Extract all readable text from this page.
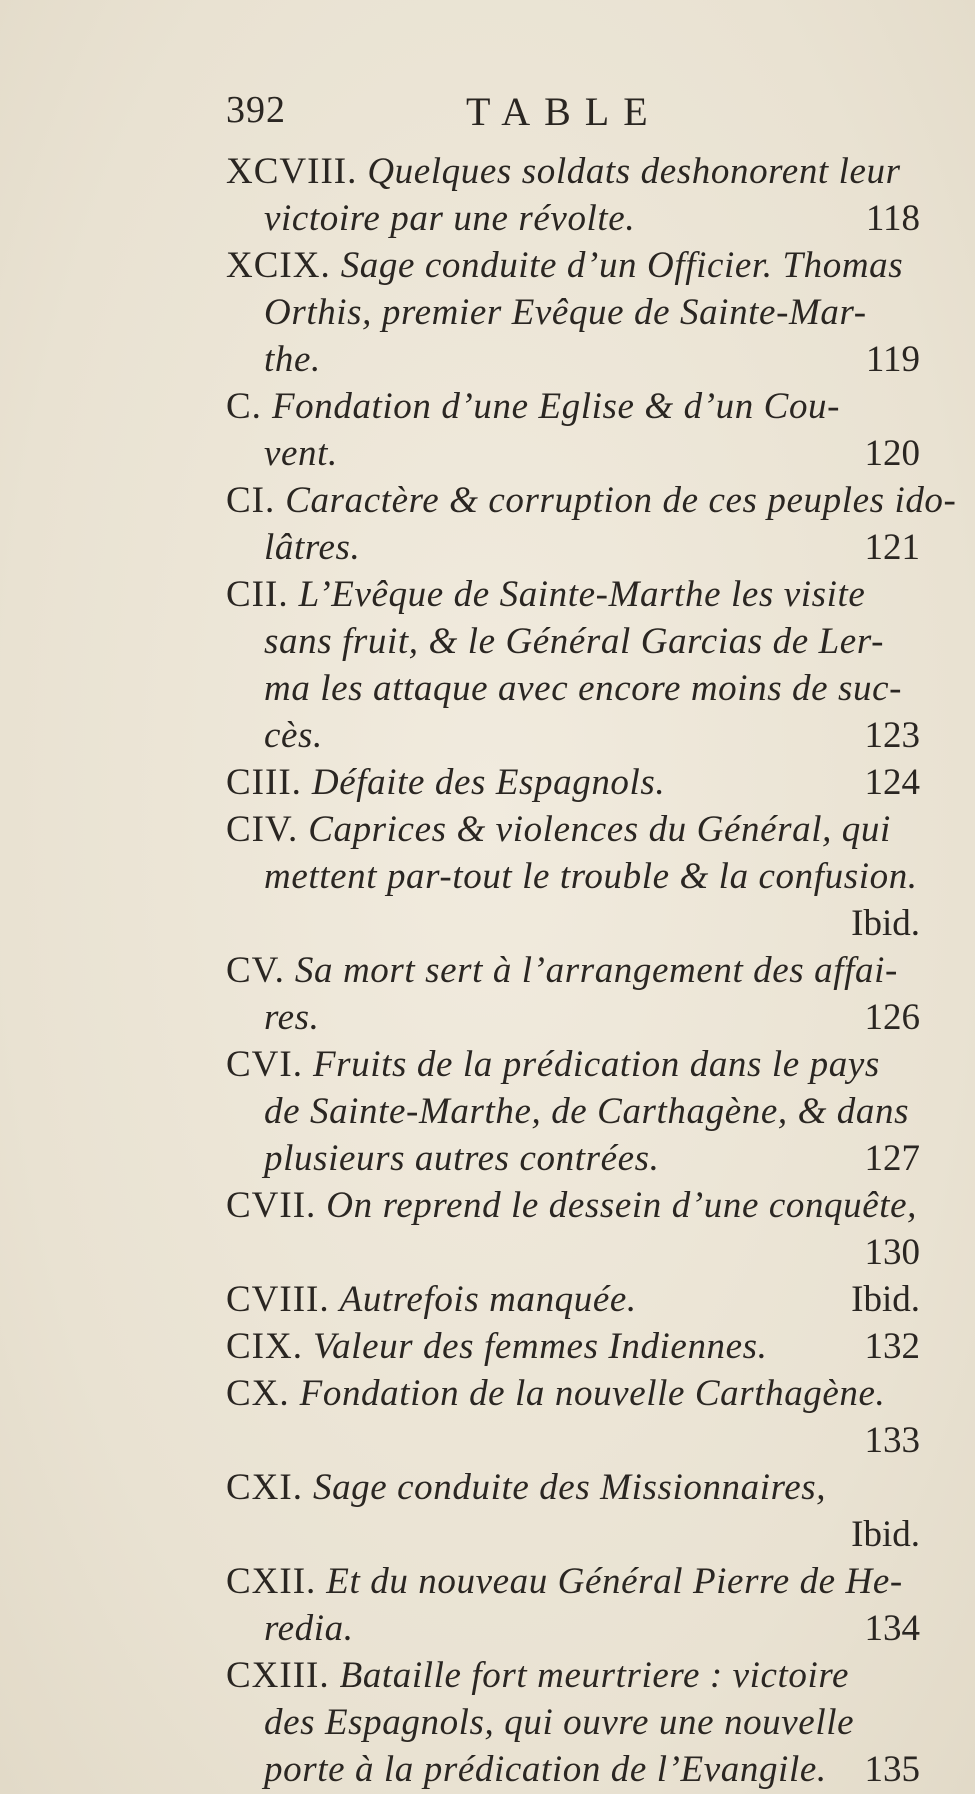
392	TABLE
XCVIII. Quelques soldats deshonorent leur
victoire par une révolte.	118
XCIX. Sage conduite d’un Officier. Thomas
Orthis, premier Evêque de Sainte-Mar-
the.	119
C. Fondation d’une Eglise & d’un Cou-
vent.	120
CI. Caractère & corruption de ces peuples ido-
lâtres.	121
CII. L’Evêque de Sainte-Marthe les visite
sans fruit, & le Général Garcias de Ler-
ma les attaque avec encore moins de suc-
cès.	123
CIII. Défaite des Espagnols.	124
CIV. Caprices & violences du Général, qui
mettent par-tout le trouble & la confusion.
Ibid.
CV. Sa mort sert à l’arrangement des affai-
res.	126
CVI. Fruits de la prédication dans le pays
de Sainte-Marthe, de Carthagène, & dans
plusieurs autres contrées.	127
CVII. On reprend le dessein d’une conquête,
130
CVIII. Autrefois manquée.	Ibid.
CIX. Valeur des femmes Indiennes.	132
CX. Fondation de la nouvelle Carthagène.
133
CXI. Sage conduite des Missionnaires,
Ibid.
CXII. Et du nouveau Général Pierre de He-
redia.	134
CXIII. Bataille fort meurtriere : victoire
des Espagnols, qui ouvre une nouvelle
porte à la prédication de l’Evangile. 135
